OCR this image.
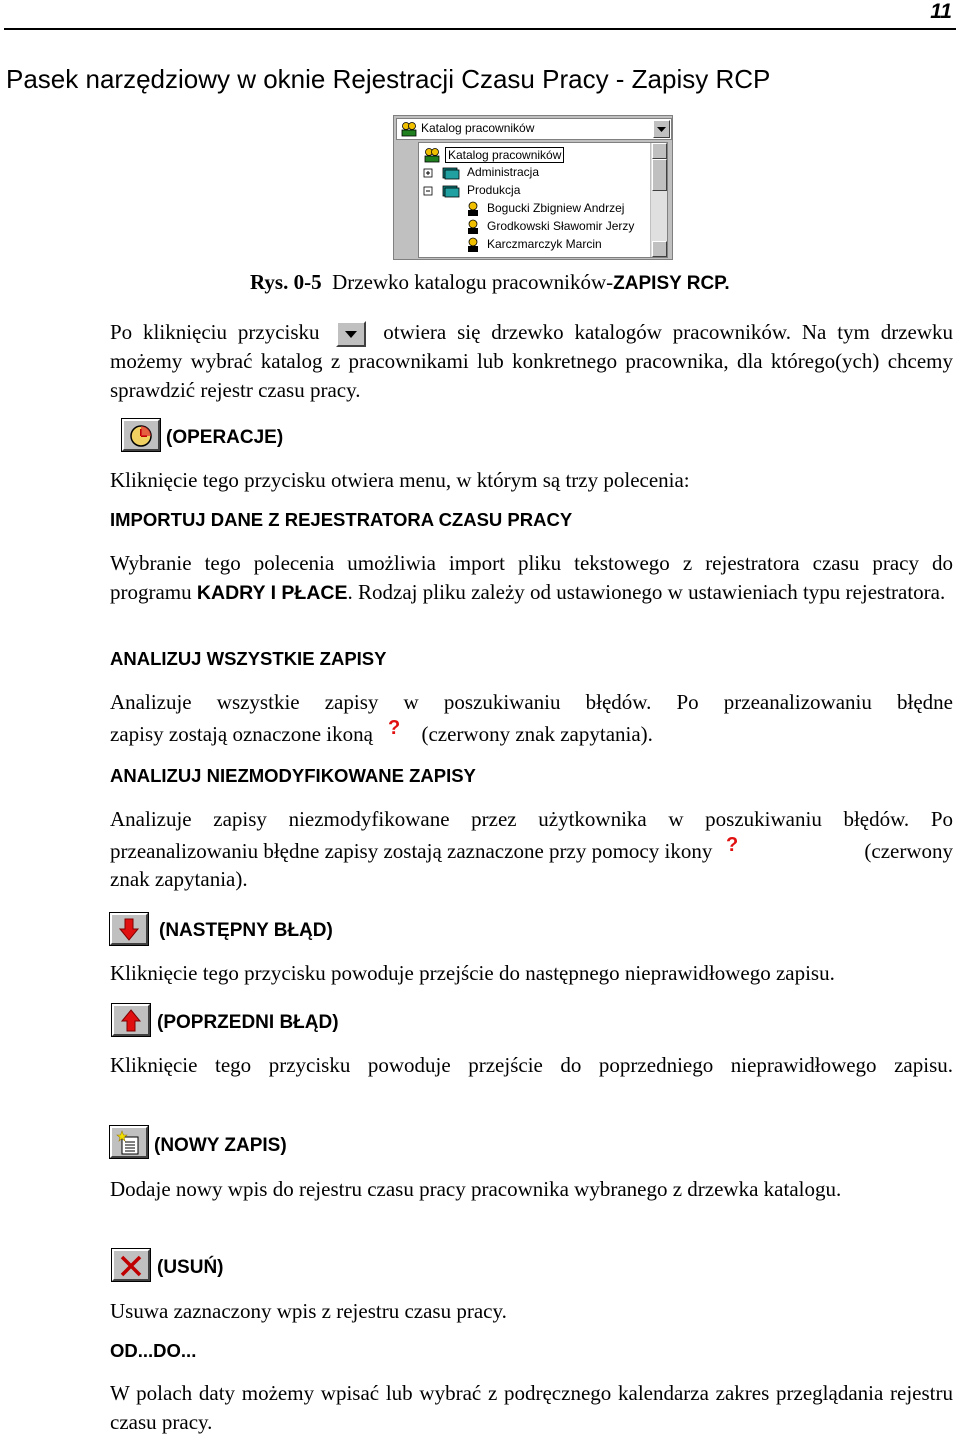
11
Pasek narzędziowy w oknie Rejestracji Czasu Pracy - Zapisy RCP
Katalog pracowników
Katalog pracowników
Administracja
Produkcja
Bogucki Zbigniew Andrzej
Grodkowski Sławomir Jerzy
Karczmarczyk Marcin
Rys. 0-5 Drzewko katalogu pracowników-ZAPISY RCP.
Po kliknięciu przycisku	otwiera się drzewko katalogów pracowników. Na tym drzewku możemy wybrać katalog z pracownikami lub konkretnego pracownika, dla którego(ych) chcemy sprawdzić rejestr czasu pracy.
(OPERACJE)
Kliknięcie tego przycisku otwiera menu, w którym są trzy polecenia:
IMPORTUJ DANE Z REJESTRATORA CZASU PRACY
Wybranie tego polecenia umożliwia import pliku tekstowego z rejestratora czasu pracy do programu KADRY I PŁACE. Rodzaj pliku zależy od ustawionego w ustawieniach typu rejestratora.
ANALIZUJ WSZYSTKIE ZAPISY
Analizuje wszystkie zapisy w poszukiwaniu błędów. Po przeanalizowaniu błędne
zapisy zostają oznaczone ikoną ? (czerwony znak zapytania).
ANALIZUJ NIEZMODYFIKOWANE ZAPISY
Analizuje zapisy niezmodyfikowane przez użytkownika w poszukiwaniu błędów. Po
przeanalizowaniu błędne zapisy zostają zaznaczone przy pomocy ikony ?	(czerwony
znak zapytania).
(NASTĘPNY BŁĄD)
Kliknięcie tego przycisku powoduje przejście do następnego nieprawidłowego zapisu.
(POPRZEDNI BŁĄD)
Kliknięcie tego przycisku powoduje przejście do poprzedniego nieprawidłowego zapisu.
(NOWY ZAPIS)
Dodaje nowy wpis do rejestru czasu pracy pracownika wybranego z drzewka katalogu.
(USUŃ)
Usuwa zaznaczony wpis z rejestru czasu pracy.
OD...DO...
W polach daty możemy wpisać lub wybrać z podręcznego kalendarza zakres przeglądania rejestru czasu pracy.
